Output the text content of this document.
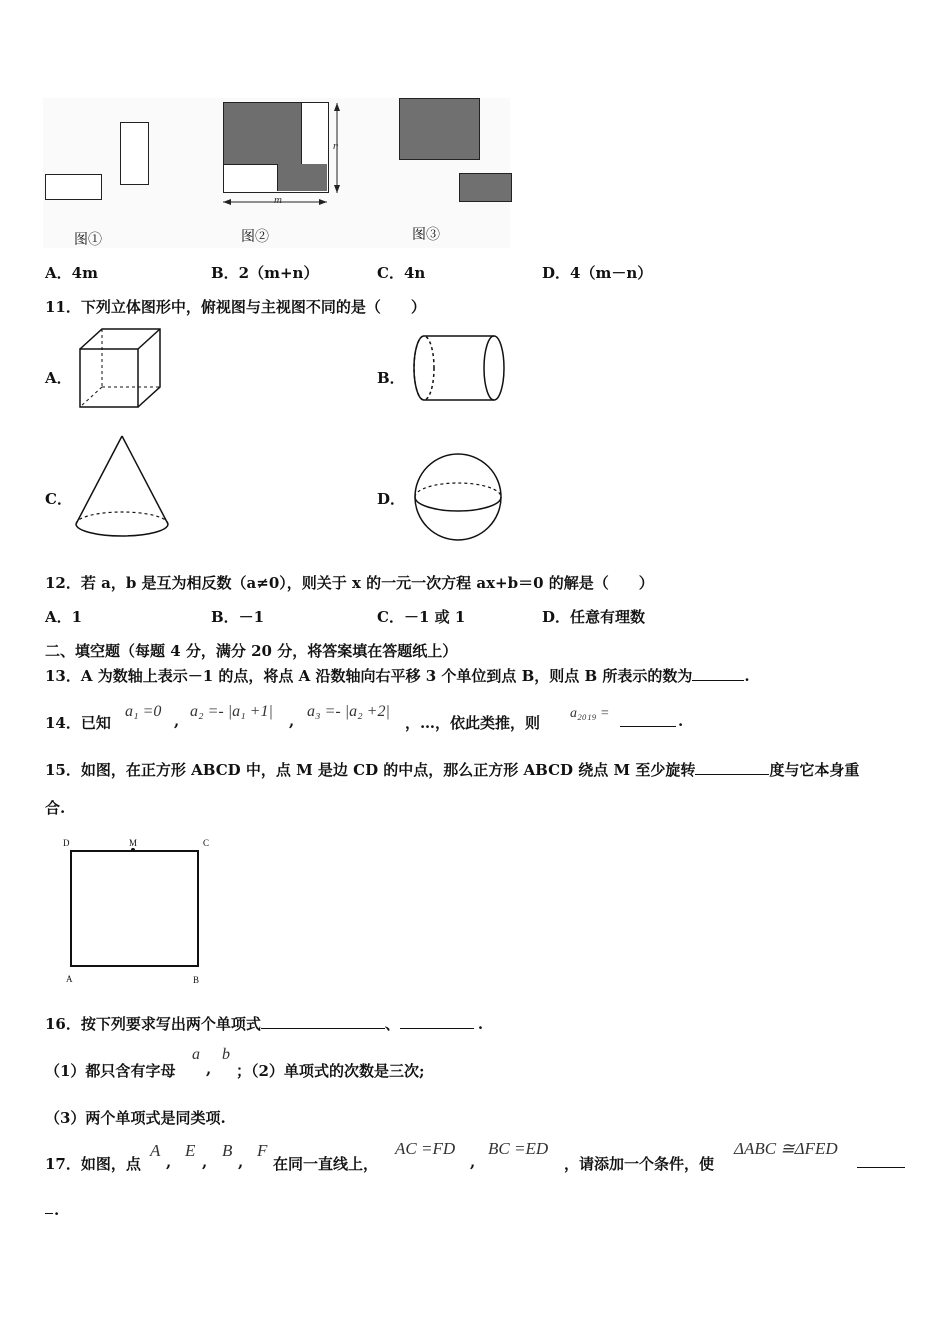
图①
n
m
图②	图③
A．4m	B．2（m+n）	C．4n	D．4（m－n）
11．下列立体图形中，俯视图与主视图不同的是（　　）
A．	B．
C．	D．
12．若 a，b 是互为相反数（a≠0），则关于 x 的一元一次方程 ax+b＝0 的解是（　　）
A．1	B．－1	C．－1 或 1	D．任意有理数
二、填空题（每题 4 分，满分 20 分，将答案填在答题纸上）
13．A 为数轴上表示－1 的点，将点 A 沿数轴向右平移 3 个单位到点 B，则点 B 所表示的数为	.
14．已知
a₁ =0
,
a₂ =- |a₁ +1|
,
a₃ =- |a₂ +2|
，…，依此类推，则
a₂₀₁₉ =	.
15．如图，在正方形 ABCD 中，点 M 是边 CD 的中点，那么正方形 ABCD 绕点 M 至少旋转	度与它本身重
合.
D	M	C
A	B
16．按下列要求写出两个单项式	、	.
（1）都只含有字母
a
,
b
；（2）单项式的次数是三次;
（3）两个单项式是同类项.
17．如图，点
A
,
E
,
B
,
F
在同一直线上，
AC =FD
,
BC =ED
，请添加一个条件，使
ΔABC ≅ΔFED
.
